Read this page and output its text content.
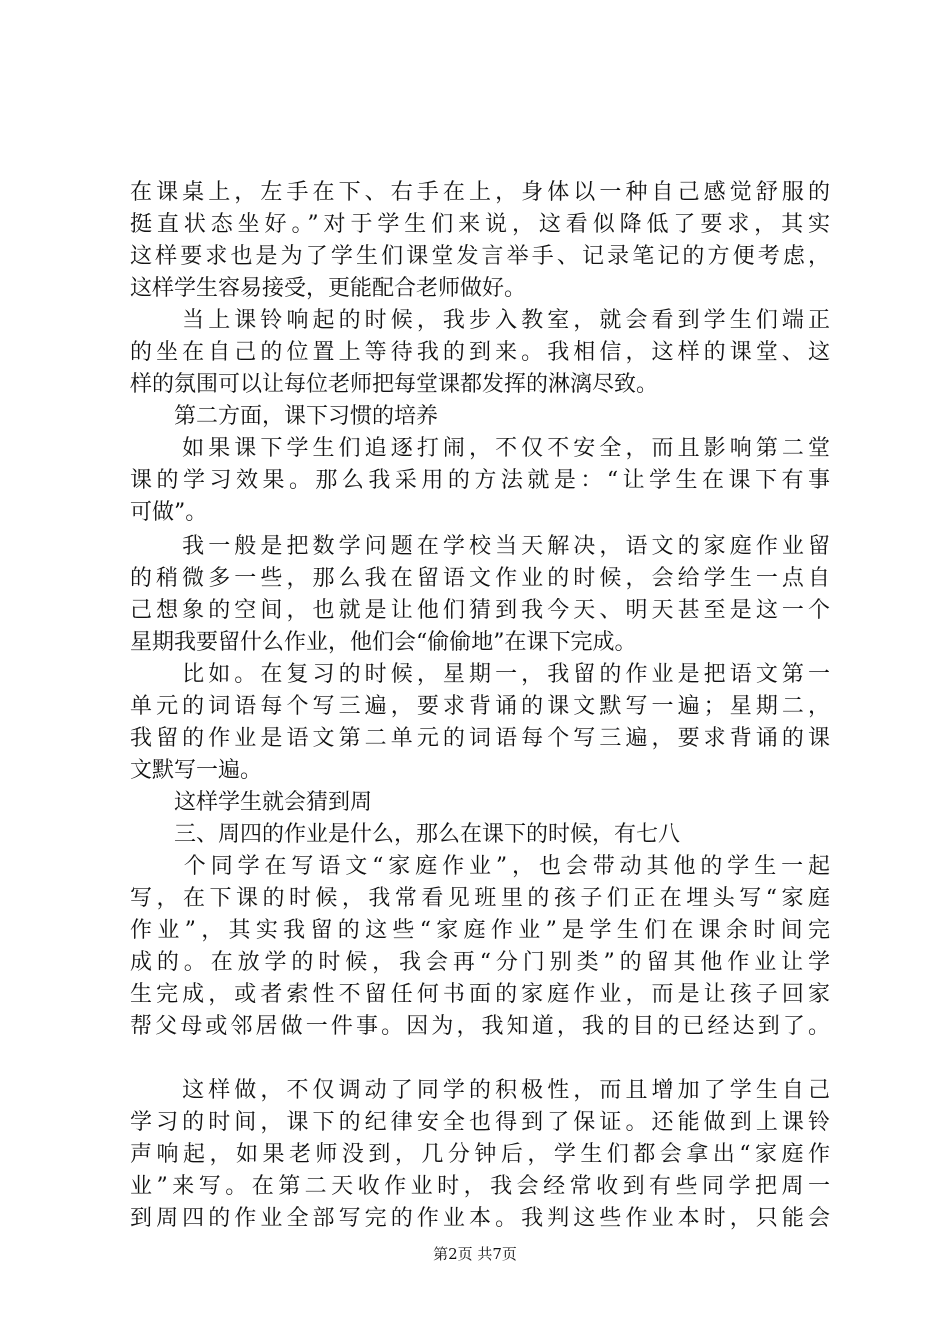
在课桌上，左手在下、右手在上，身体以一种自己感觉舒服的
挺直状态坐好。”对于学生们来说，这看似降低了要求，其实
这样要求也是为了学生们课堂发言举手、记录笔记的方便考虑，
这样学生容易接受，更能配合老师做好。
　　当上课铃响起的时候，我步入教室，就会看到学生们端正
的坐在自己的位置上等待我的到来。我相信，这样的课堂、这
样的氛围可以让每位老师把每堂课都发挥的淋漓尽致。
　　第二方面，课下习惯的培养
　　如果课下学生们追逐打闹，不仅不安全，而且影响第二堂
课的学习效果。那么我采用的方法就是：“让学生在课下有事
可做”。
　　我一般是把数学问题在学校当天解决，语文的家庭作业留
的稍微多一些，那么我在留语文作业的时候，会给学生一点自
己想象的空间，也就是让他们猜到我今天、明天甚至是这一个
星期我要留什么作业，他们会“偷偷地”在课下完成。
　　比如。在复习的时候，星期一，我留的作业是把语文第一
单元的词语每个写三遍，要求背诵的课文默写一遍；星期二，
我留的作业是语文第二单元的词语每个写三遍，要求背诵的课
文默写一遍。
　　这样学生就会猜到周
　　三、周四的作业是什么，那么在课下的时候，有七八
　　个同学在写语文“家庭作业”，也会带动其他的学生一起
写，在下课的时候，我常看见班里的孩子们正在埋头写“家庭
作业”，其实我留的这些“家庭作业”是学生们在课余时间完
成的。在放学的时候，我会再“分门别类”的留其他作业让学
生完成，或者索性不留任何书面的家庭作业，而是让孩子回家
帮父母或邻居做一件事。因为，我知道，我的目的已经达到了。
　　这样做，不仅调动了同学的积极性，而且增加了学生自己
学习的时间，课下的纪律安全也得到了保证。还能做到上课铃
声响起，如果老师没到，几分钟后，学生们都会拿出“家庭作
业”来写。在第二天收作业时，我会经常收到有些同学把周一
到周四的作业全部写完的作业本。我判这些作业本时，只能会
第2页 共7页
